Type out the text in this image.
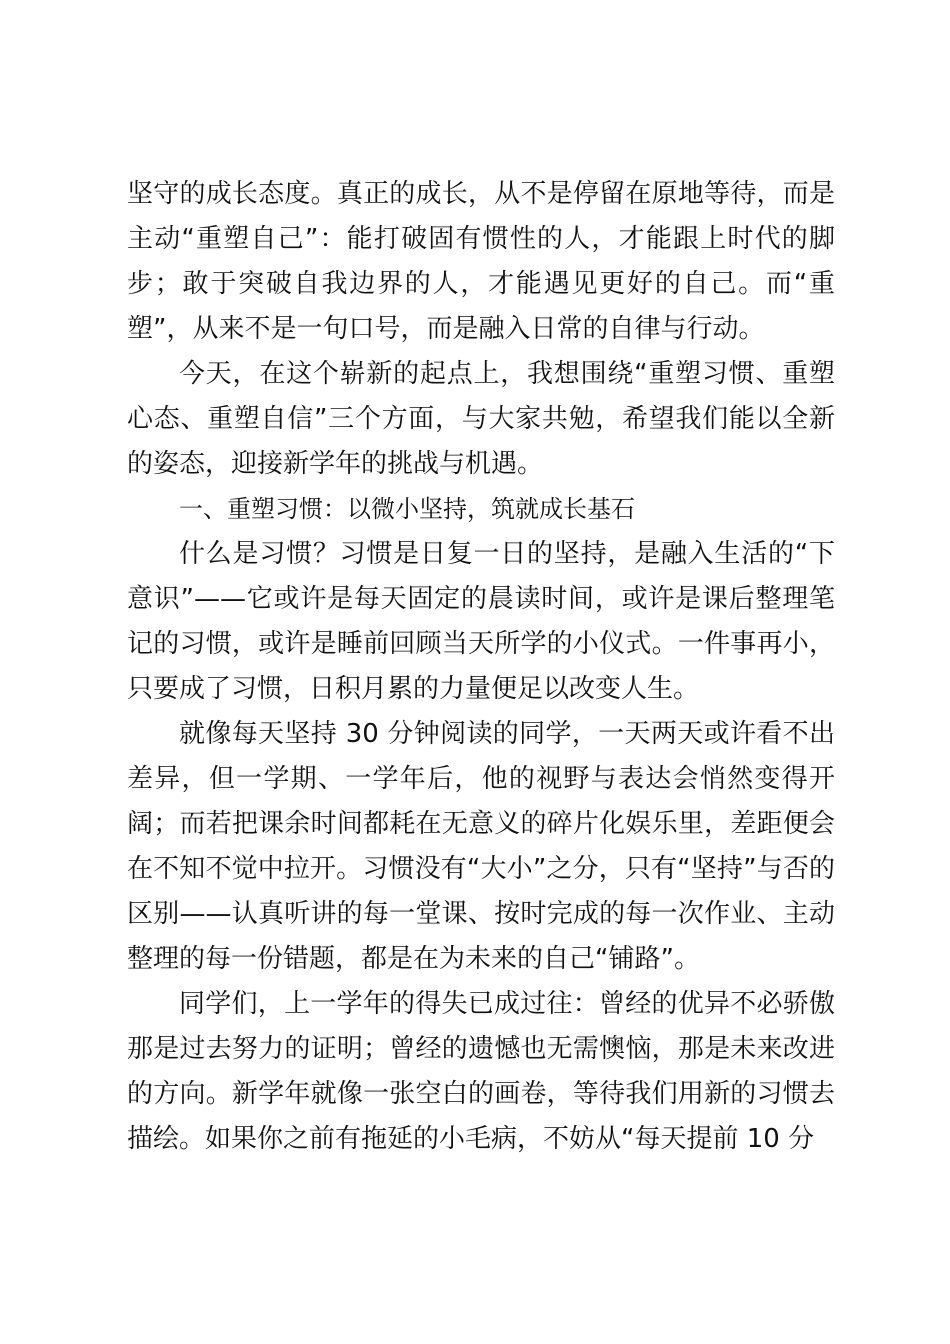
坚守的成长态度。真正的成长，从不是停留在原地等待，而是主动“重塑自己”：能打破固有惯性的人，才能跟上时代的脚步；敢于突破自我边界的人，才能遇见更好的自己。而“重塑”，从来不是一句口号，而是融入日常的自律与行动。

今天，在这个崭新的起点上，我想围绕“重塑习惯、重塑心态、重塑自信”三个方面，与大家共勉，希望我们能以全新的姿态，迎接新学年的挑战与机遇。

一、重塑习惯：以微小坚持，筑就成长基石

什么是习惯？习惯是日复一日的坚持，是融入生活的“下意识”——它或许是每天固定的晨读时间，或许是课后整理笔记的习惯，或许是睡前回顾当天所学的小仪式。一件事再小，只要成了习惯，日积月累的力量便足以改变人生。

就像每天坚持 30 分钟阅读的同学，一天两天或许看不出差异，但一学期、一学年后，他的视野与表达会悄然变得开阔；而若把课余时间都耗在无意义的碎片化娱乐里，差距便会在不知不觉中拉开。习惯没有“大小”之分，只有“坚持”与否的区别——认真听讲的每一堂课、按时完成的每一次作业、主动整理的每一份错题，都是在为未来的自己“铺路”。

同学们，上一学年的得失已成过往：曾经的优异不必骄傲那是过去努力的证明；曾经的遗憾也无需懊恼，那是未来改进的方向。新学年就像一张空白的画卷，等待我们用新的习惯去描绘。如果你之前有拖延的小毛病，不妨从“每天提前 10 分
